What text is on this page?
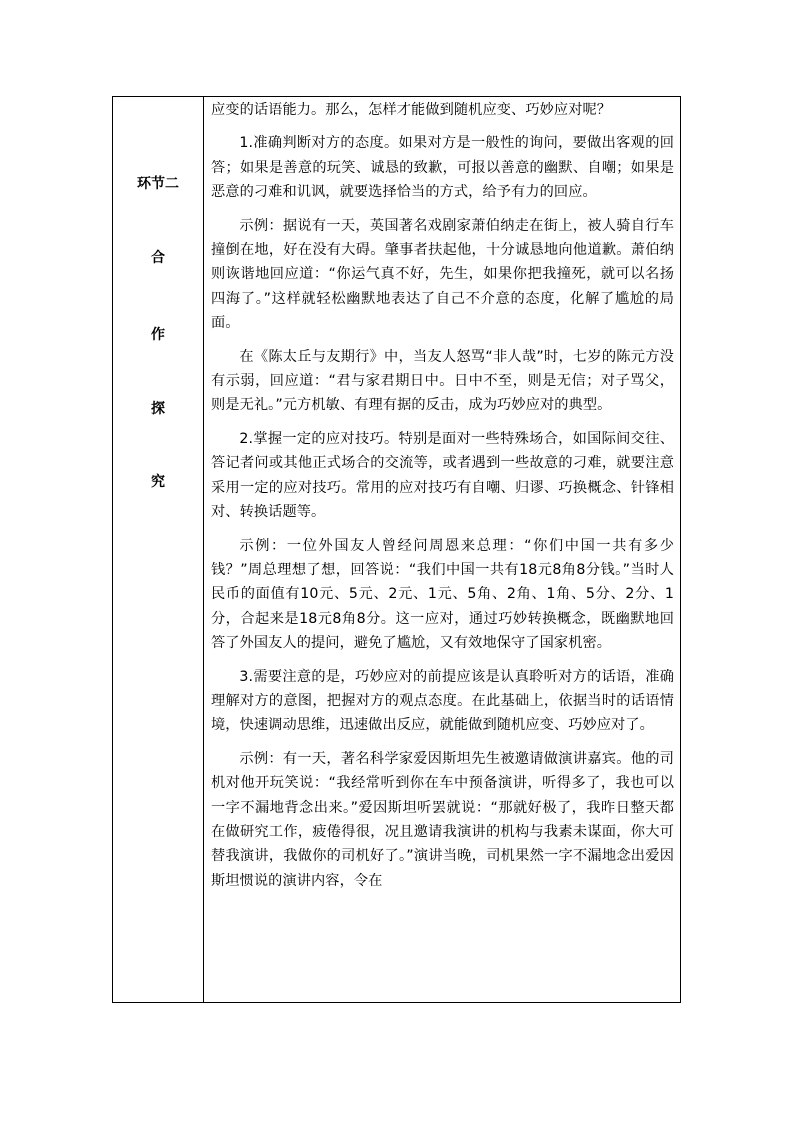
环节二
合
作
探
究

应变的话语能力。那么，怎样才能做到随机应变、巧妙应对呢？

1.准确判断对方的态度。如果对方是一般性的询问，要做出客观的回答；如果是善意的玩笑、诚恳的致歉，可报以善意的幽默、自嘲；如果是恶意的刁难和讥讽，就要选择恰当的方式，给予有力的回应。

示例：据说有一天，英国著名戏剧家萧伯纳走在街上，被人骑自行车撞倒在地，好在没有大碍。肇事者扶起他，十分诚恳地向他道歉。萧伯纳则诙谐地回应道：“你运气真不好，先生，如果你把我撞死，就可以名扬四海了。”这样就轻松幽默地表达了自己不介意的态度，化解了尴尬的局面。

在《陈太丘与友期行》中，当友人怒骂“非人哉”时，七岁的陈元方没有示弱，回应道：“君与家君期日中。日中不至，则是无信；对子骂父，则是无礼。”元方机敏、有理有据的反击，成为巧妙应对的典型。

2.掌握一定的应对技巧。特别是面对一些特殊场合，如国际间交往、答记者问或其他正式场合的交流等，或者遇到一些故意的刁难，就要注意采用一定的应对技巧。常用的应对技巧有自嘲、归谬、巧换概念、针锋相对、转换话题等。

示例：一位外国友人曾经问周恩来总理：“你们中国一共有多少钱？”周总理想了想，回答说：“我们中国一共有18元8角8分钱。”当时人民币的面值有10元、5元、2元、1元、5角、2角、1角、5分、2分、1分，合起来是18元8角8分。这一应对，通过巧妙转换概念，既幽默地回答了外国友人的提问，避免了尴尬，又有效地保守了国家机密。

3.需要注意的是，巧妙应对的前提应该是认真聆听对方的话语，准确理解对方的意图，把握对方的观点态度。在此基础上，依据当时的话语情境，快速调动思维，迅速做出反应，就能做到随机应变、巧妙应对了。

示例：有一天，著名科学家爱因斯坦先生被邀请做演讲嘉宾。他的司机对他开玩笑说：“我经常听到你在车中预备演讲，听得多了，我也可以一字不漏地背念出来。”爱因斯坦听罢就说：“那就好极了，我昨日整天都在做研究工作，疲倦得很，况且邀请我演讲的机构与我素未谋面，你大可替我演讲，我做你的司机好了。”演讲当晚，司机果然一字不漏地念出爱因斯坦惯说的演讲内容，令在
